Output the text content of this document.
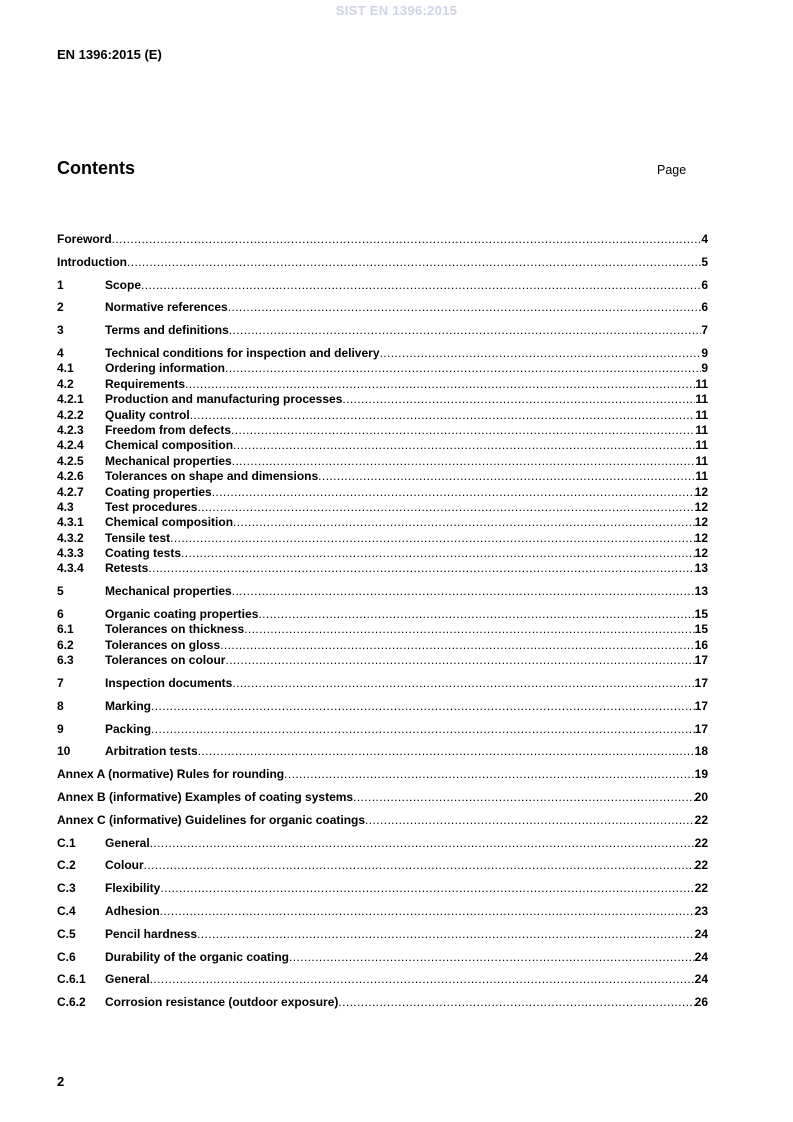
SIST EN 1396:2015
EN 1396:2015 (E)
Contents	Page
Foreword .....	4
Introduction .....	5
1	Scope .....	6
2	Normative references .....	6
3	Terms and definitions .....	7
4	Technical conditions for inspection and delivery .....	9
4.1	Ordering information .....	9
4.2	Requirements .....	11
4.2.1	Production and manufacturing processes .....	11
4.2.2	Quality control .....	11
4.2.3	Freedom from defects .....	11
4.2.4	Chemical composition .....	11
4.2.5	Mechanical properties .....	11
4.2.6	Tolerances on shape and dimensions .....	11
4.2.7	Coating properties .....	12
4.3	Test procedures .....	12
4.3.1	Chemical composition .....	12
4.3.2	Tensile test .....	12
4.3.3	Coating tests .....	12
4.3.4	Retests .....	13
5	Mechanical properties .....	13
6	Organic coating properties .....	15
6.1	Tolerances on thickness .....	15
6.2	Tolerances on gloss .....	16
6.3	Tolerances on colour .....	17
7	Inspection documents .....	17
8	Marking .....	17
9	Packing .....	17
10	Arbitration tests .....	18
Annex A (normative) Rules for rounding .....	19
Annex B (informative) Examples of coating systems .....	20
Annex C (informative) Guidelines for organic coatings .....	22
C.1	General .....	22
C.2	Colour .....	22
C.3	Flexibility .....	22
C.4	Adhesion .....	23
C.5	Pencil hardness .....	24
C.6	Durability of the organic coating .....	24
C.6.1	General .....	24
C.6.2	Corrosion resistance (outdoor exposure) .....	26
2
